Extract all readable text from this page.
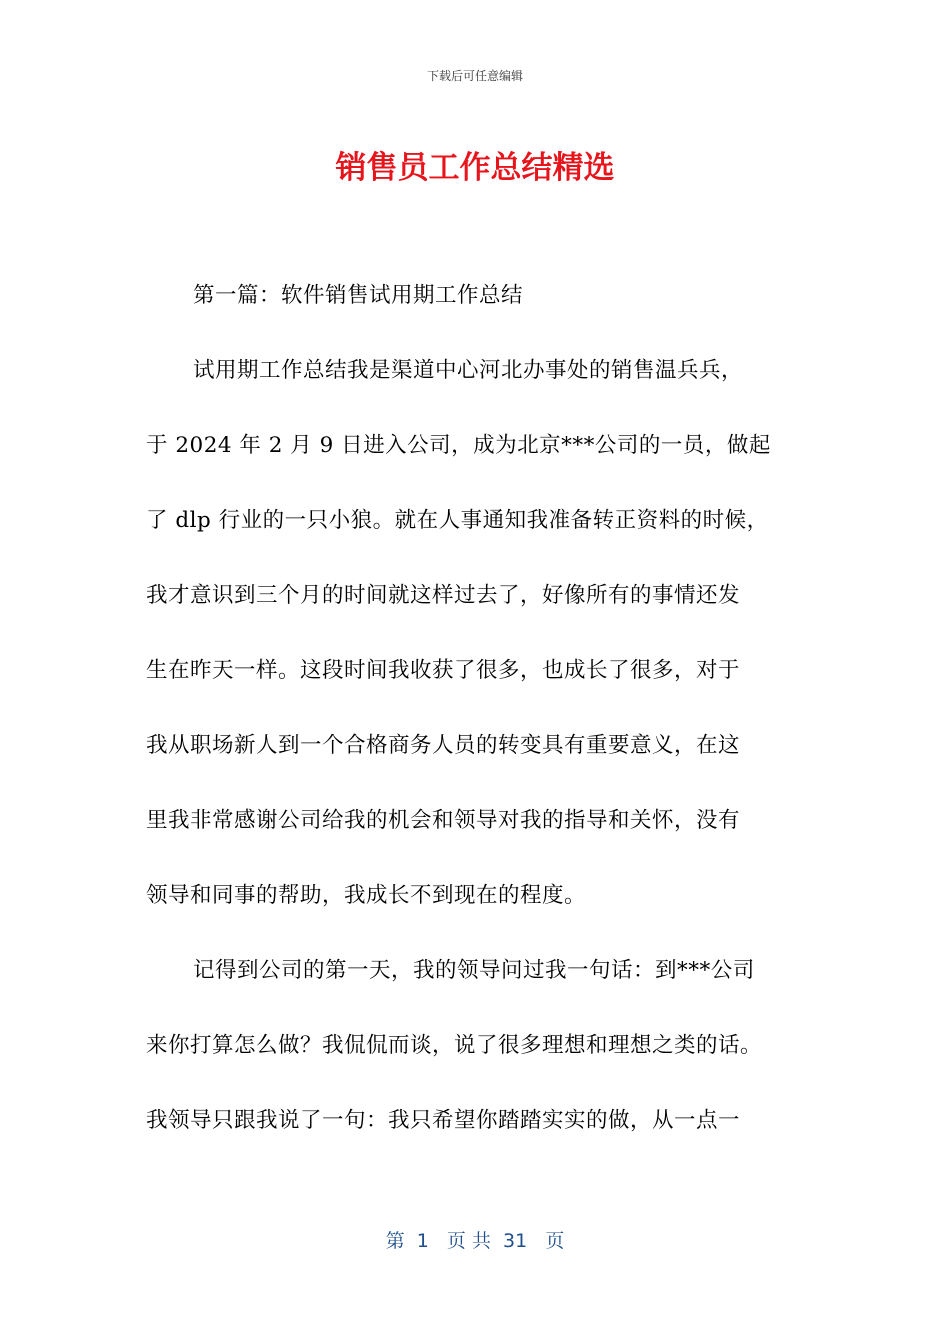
下载后可任意编辑
销售员工作总结精选
第一篇：软件销售试用期工作总结
试用期工作总结我是渠道中心河北办事处的销售温兵兵，
于 2024 年 2 月 9 日进入公司，成为北京***公司的一员，做起
了 dlp 行业的一只小狼。就在人事通知我准备转正资料的时候，
我才意识到三个月的时间就这样过去了，好像所有的事情还发
生在昨天一样。这段时间我收获了很多，也成长了很多，对于
我从职场新人到一个合格商务人员的转变具有重要意义，在这
里我非常感谢公司给我的机会和领导对我的指导和关怀，没有
领导和同事的帮助，我成长不到现在的程度。
记得到公司的第一天，我的领导问过我一句话：到***公司
来你打算怎么做？我侃侃而谈，说了很多理想和理想之类的话。
我领导只跟我说了一句：我只希望你踏踏实实的做，从一点一
第  1   页 共  31   页
